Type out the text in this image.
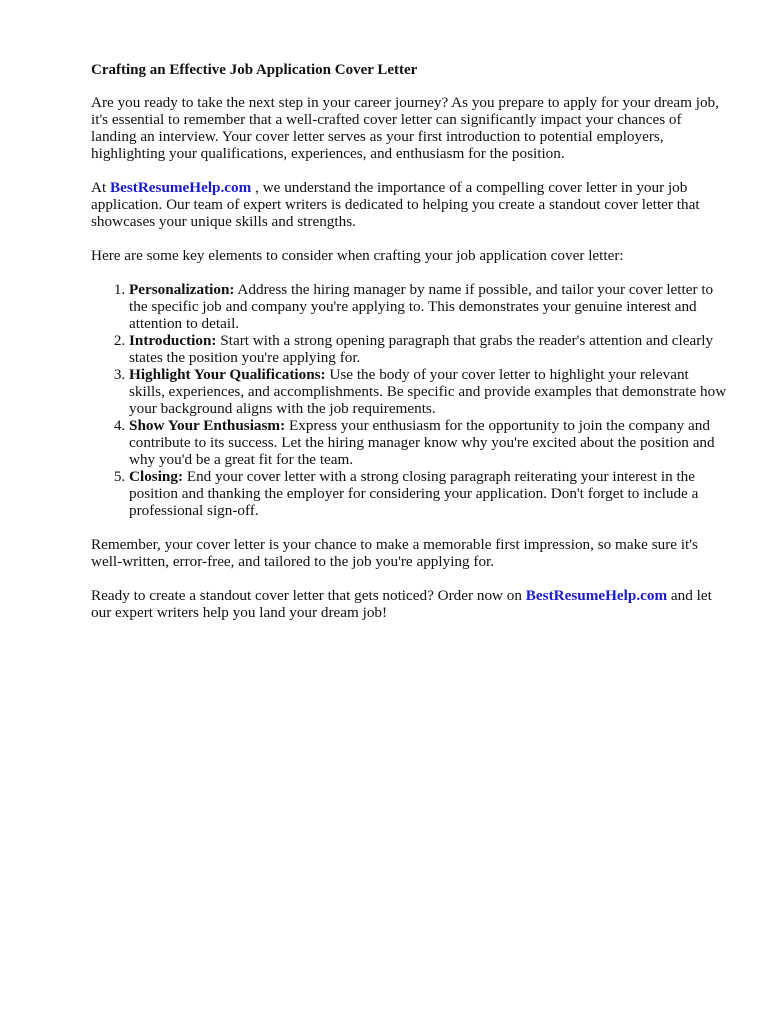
Crafting an Effective Job Application Cover Letter

Are you ready to take the next step in your career journey? As you prepare to apply for your dream job, it's essential to remember that a well-crafted cover letter can significantly impact your chances of landing an interview. Your cover letter serves as your first introduction to potential employers, highlighting your qualifications, experiences, and enthusiasm for the position.

At BestResumeHelp.com , we understand the importance of a compelling cover letter in your job application. Our team of expert writers is dedicated to helping you create a standout cover letter that showcases your unique skills and strengths.

Here are some key elements to consider when crafting your job application cover letter:

1. Personalization: Address the hiring manager by name if possible, and tailor your cover letter to the specific job and company you're applying to. This demonstrates your genuine interest and attention to detail.
2. Introduction: Start with a strong opening paragraph that grabs the reader's attention and clearly states the position you're applying for.
3. Highlight Your Qualifications: Use the body of your cover letter to highlight your relevant skills, experiences, and accomplishments. Be specific and provide examples that demonstrate how your background aligns with the job requirements.
4. Show Your Enthusiasm: Express your enthusiasm for the opportunity to join the company and contribute to its success. Let the hiring manager know why you're excited about the position and why you'd be a great fit for the team.
5. Closing: End your cover letter with a strong closing paragraph reiterating your interest in the position and thanking the employer for considering your application. Don't forget to include a professional sign-off.

Remember, your cover letter is your chance to make a memorable first impression, so make sure it's well-written, error-free, and tailored to the job you're applying for.

Ready to create a standout cover letter that gets noticed? Order now on BestResumeHelp.com and let our expert writers help you land your dream job!
